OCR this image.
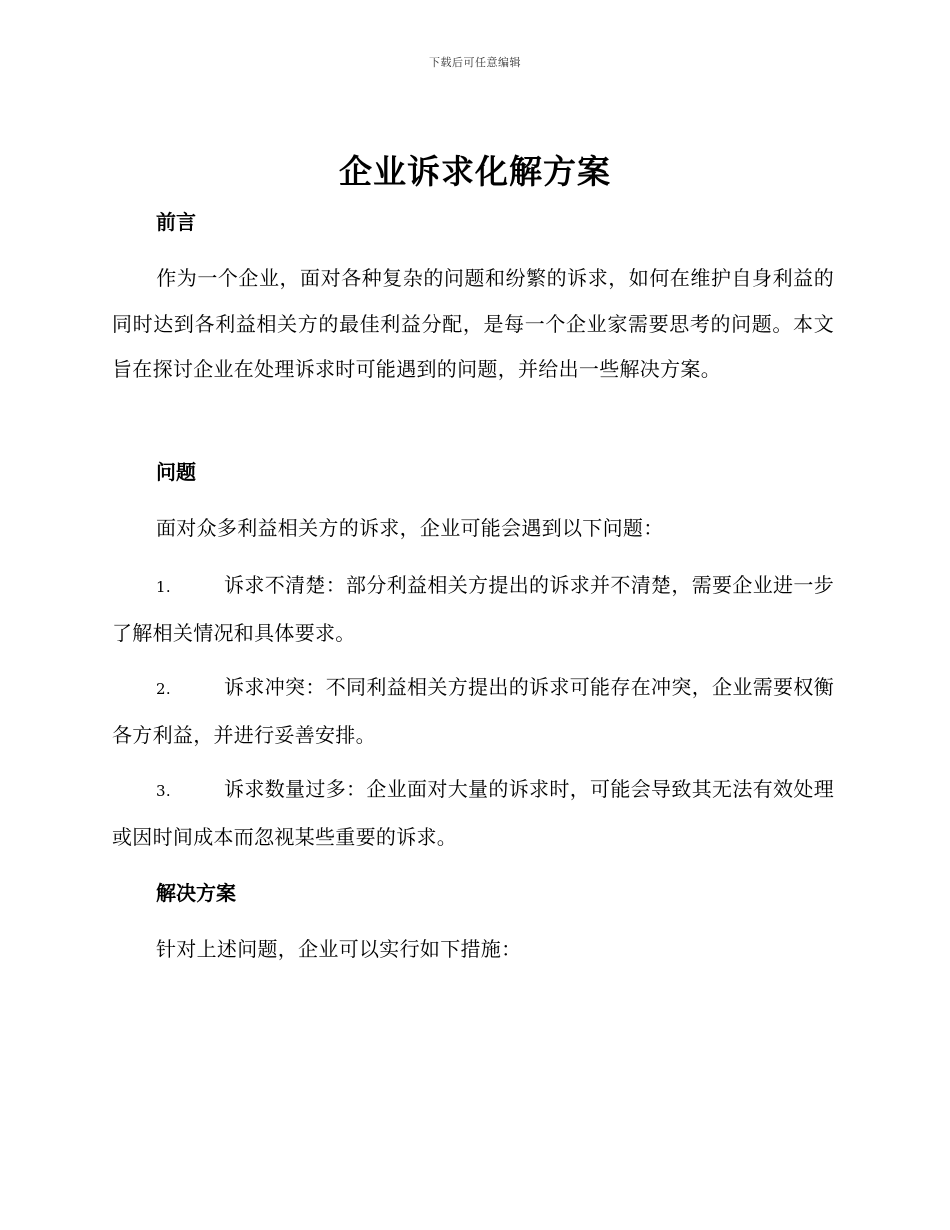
下载后可任意编辑
企业诉求化解方案
前言
作为一个企业，面对各种复杂的问题和纷繁的诉求，如何在维护自身利益的同时达到各利益相关方的最佳利益分配，是每一个企业家需要思考的问题。本文旨在探讨企业在处理诉求时可能遇到的问题，并给出一些解决方案。
问题
面对众多利益相关方的诉求，企业可能会遇到以下问题：
1.	诉求不清楚：部分利益相关方提出的诉求并不清楚，需要企业进一步了解相关情况和具体要求。
2.	诉求冲突：不同利益相关方提出的诉求可能存在冲突，企业需要权衡各方利益，并进行妥善安排。
3.	诉求数量过多：企业面对大量的诉求时，可能会导致其无法有效处理或因时间成本而忽视某些重要的诉求。
解决方案
针对上述问题，企业可以实行如下措施：
